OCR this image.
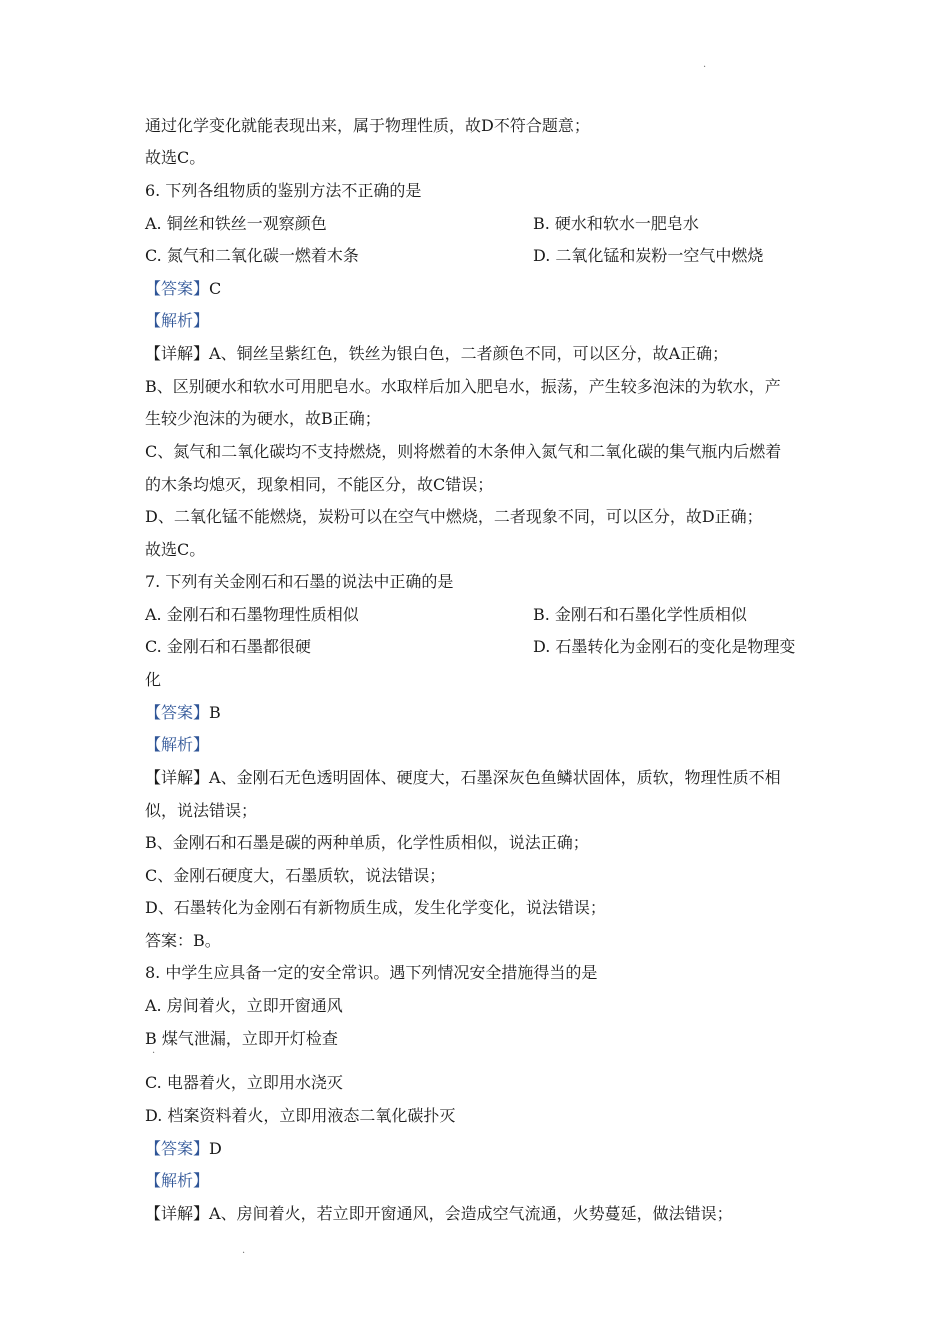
·
通过化学变化就能表现出来，属于物理性质，故D不符合题意；
故选C。
6. 下列各组物质的鉴别方法不正确的是
A. 铜丝和铁丝一观察颜色	B. 硬水和软水一肥皂水
C. 氮气和二氧化碳一燃着木条	D. 二氧化锰和炭粉一空气中燃烧
【答案】C
【解析】
【详解】A、铜丝呈紫红色，铁丝为银白色，二者颜色不同，可以区分，故A正确；
B、区别硬水和软水可用肥皂水。水取样后加入肥皂水，振荡，产生较多泡沫的为软水，产
生较少泡沫的为硬水，故B正确；
C、氮气和二氧化碳均不支持燃烧，则将燃着的木条伸入氮气和二氧化碳的集气瓶内后燃着
的木条均熄灭，现象相同，不能区分，故C错误；
D、二氧化锰不能燃烧，炭粉可以在空气中燃烧，二者现象不同，可以区分，故D正确；
故选C。
7. 下列有关金刚石和石墨的说法中正确的是
A. 金刚石和石墨物理性质相似	B. 金刚石和石墨化学性质相似
C. 金刚石和石墨都很硬	D. 石墨转化为金刚石的变化是物理变
化
【答案】B
【解析】
【详解】A、金刚石无色透明固体、硬度大，石墨深灰色鱼鳞状固体，质软，物理性质不相
似，说法错误；
B、金刚石和石墨是碳的两种单质，化学性质相似，说法正确；
C、金刚石硬度大，石墨质软，说法错误；
D、石墨转化为金刚石有新物质生成，发生化学变化，说法错误；
答案：B。
8. 中学生应具备一定的安全常识。遇下列情况安全措施得当的是
A. 房间着火，立即开窗通风
B 煤气泄漏，立即开灯检查
·
C. 电器着火，立即用水浇灭
D. 档案资料着火，立即用液态二氧化碳扑灭
【答案】D
【解析】
【详解】A、房间着火，若立即开窗通风，会造成空气流通，火势蔓延，做法错误；
·
